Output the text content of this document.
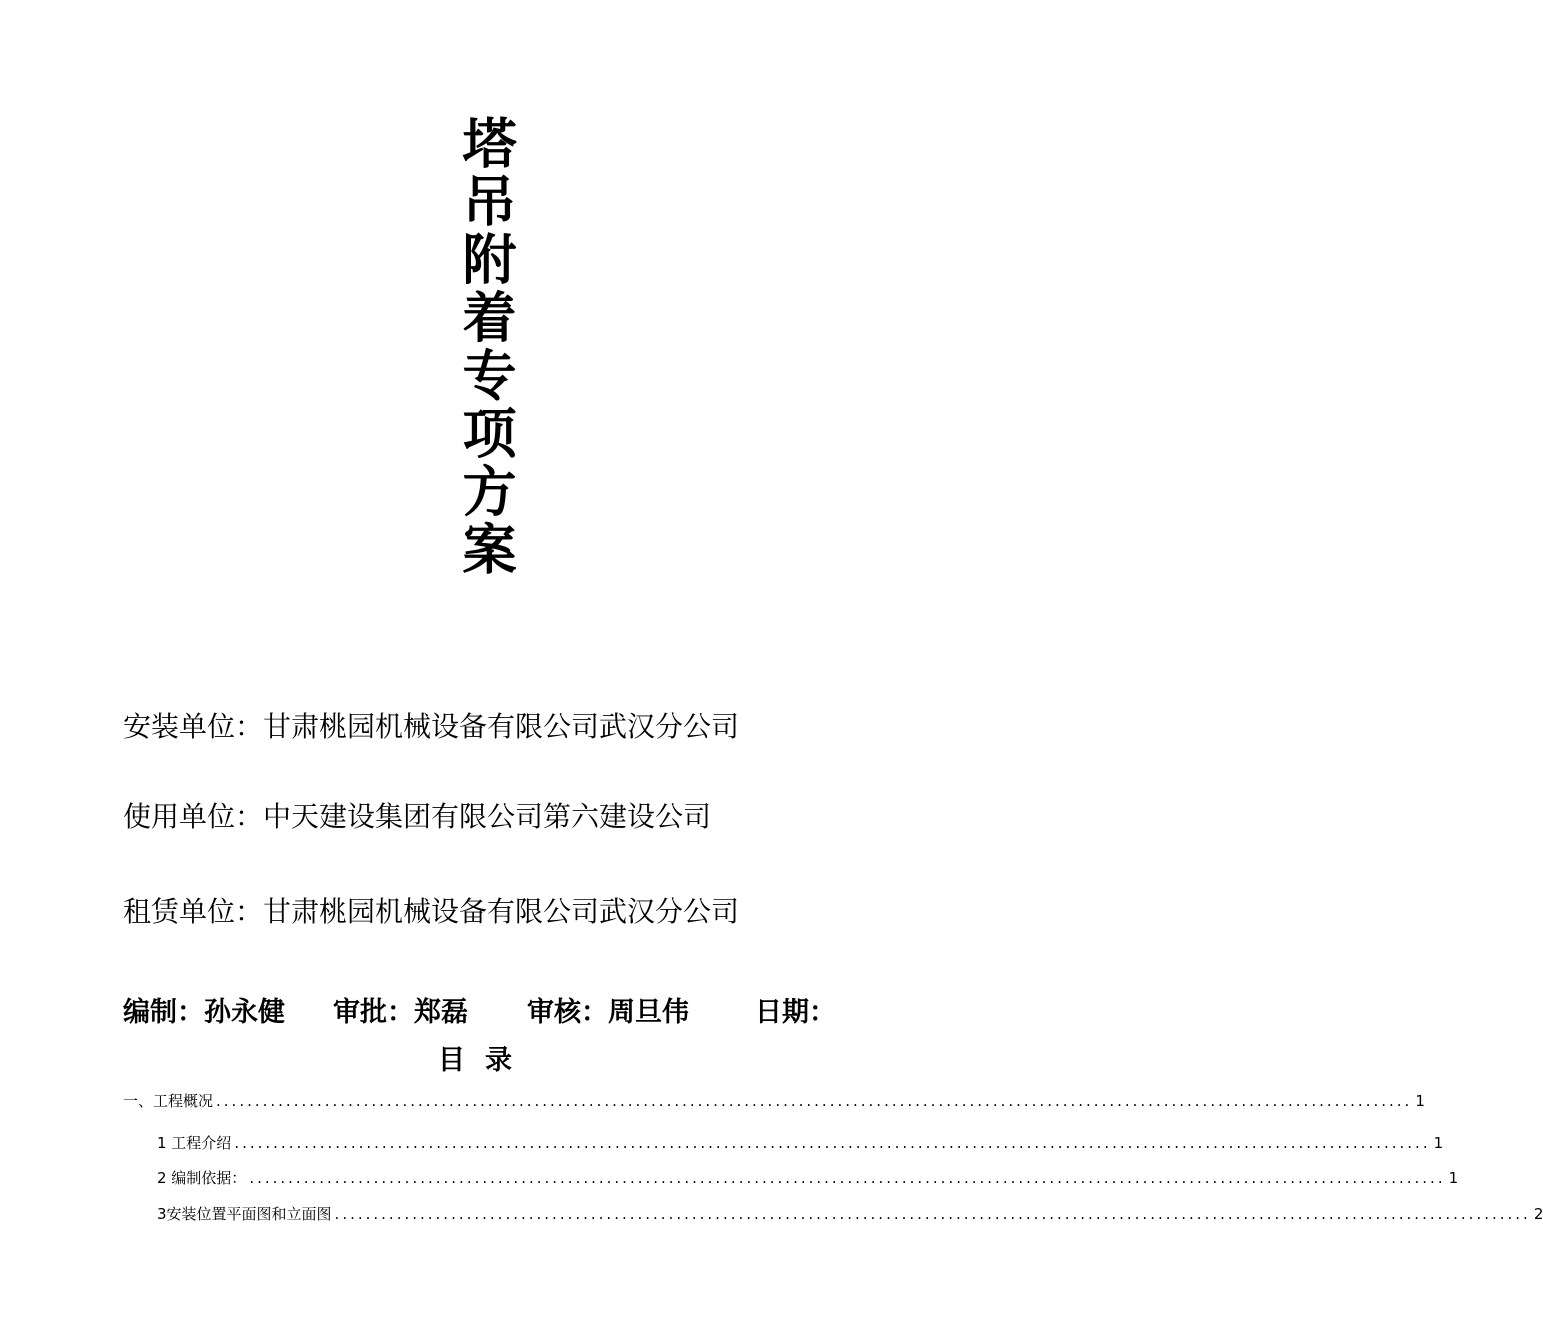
塔吊附着专项方案
安装单位：甘肃桃园机械设备有限公司武汉分公司
使用单位：中天建设集团有限公司第六建设公司
租赁单位：甘肃桃园机械设备有限公司武汉分公司
编制：孙永健 审批：郑磊 审核：周旦伟 日期：
目录
一、工程概况 .......................................................................................................................................................... 1
1 工程介绍 .......................................................................................................................................................... 1
2 编制依据： .......................................................................................................................................................... 1
3安装位置平面图和立面图 .......................................................................................................................................................... 2
